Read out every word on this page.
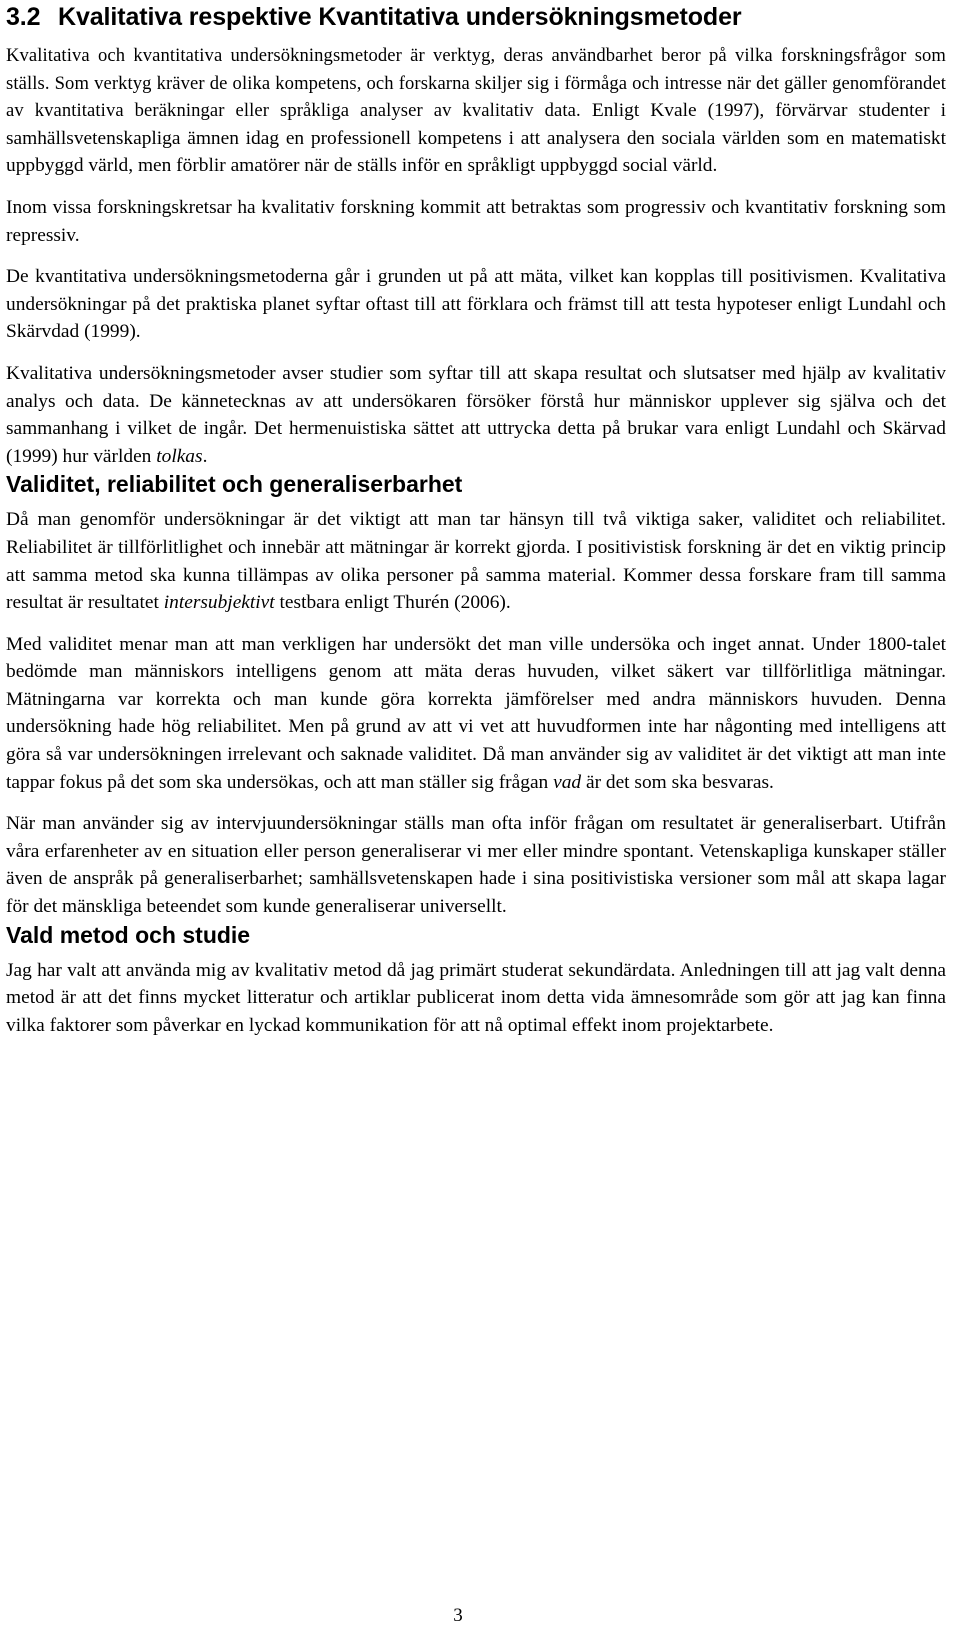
3.2 Kvalitativa respektive Kvantitativa undersökningsmetoder

Kvalitativa och kvantitativa undersökningsmetoder är verktyg, deras användbarhet beror på vilka forskningsfrågor som ställs. Som verktyg kräver de olika kompetens, och forskarna skiljer sig i förmåga och intresse när det gäller genomförandet av kvantitativa beräkningar eller språkliga analyser av kvalitativ data. Enligt Kvale (1997), förvärvar studenter i samhällsvetenskapliga ämnen idag en professionell kompetens i att analysera den sociala världen som en matematiskt uppbyggd värld, men förblir amatörer när de ställs inför en språkligt uppbyggd social värld.

Inom vissa forskningskretsar ha kvalitativ forskning kommit att betraktas som progressiv och kvantitativ forskning som repressiv.

De kvantitativa undersökningsmetoderna går i grunden ut på att mäta, vilket kan kopplas till positivismen. Kvalitativa undersökningar på det praktiska planet syftar oftast till att förklara och främst till att testa hypoteser enligt Lundahl och Skärvdad (1999).

Kvalitativa undersökningsmetoder avser studier som syftar till att skapa resultat och slutsatser med hjälp av kvalitativ analys och data. De kännetecknas av att undersökaren försöker förstå hur människor upplever sig själva och det sammanhang i vilket de ingår. Det hermenuistiska sättet att uttrycka detta på brukar vara enligt Lundahl och Skärvad (1999) hur världen tolkas.

Validitet, reliabilitet och generaliserbarhet

Då man genomför undersökningar är det viktigt att man tar hänsyn till två viktiga saker, validitet och reliabilitet. Reliabilitet är tillförlitlighet och innebär att mätningar är korrekt gjorda. I positivistisk forskning är det en viktig princip att samma metod ska kunna tillämpas av olika personer på samma material. Kommer dessa forskare fram till samma resultat är resultatet intersubjektivt testbara enligt Thurén (2006).

Med validitet menar man att man verkligen har undersökt det man ville undersöka och inget annat. Under 1800-talet bedömde man människors intelligens genom att mäta deras huvuden, vilket säkert var tillförlitliga mätningar. Mätningarna var korrekta och man kunde göra korrekta jämförelser med andra människors huvuden. Denna undersökning hade hög reliabilitet. Men på grund av att vi vet att huvudformen inte har någonting med intelligens att göra så var undersökningen irrelevant och saknade validitet. Då man använder sig av validitet är det viktigt att man inte tappar fokus på det som ska undersökas, och att man ställer sig frågan vad är det som ska besvaras.

När man använder sig av intervjuundersökningar ställs man ofta inför frågan om resultatet är generaliserbart. Utifrån våra erfarenheter av en situation eller person generaliserar vi mer eller mindre spontant. Vetenskapliga kunskaper ställer även de anspråk på generaliserbarhet; samhällsvetenskapen hade i sina positivistiska versioner som mål att skapa lagar för det mänskliga beteendet som kunde generaliserar universellt.

Vald metod och studie

Jag har valt att använda mig av kvalitativ metod då jag primärt studerat sekundärdata. Anledningen till att jag valt denna metod är att det finns mycket litteratur och artiklar publicerat inom detta vida ämnesområde som gör att jag kan finna vilka faktorer som påverkar en lyckad kommunikation för att nå optimal effekt inom projektarbete.

3
